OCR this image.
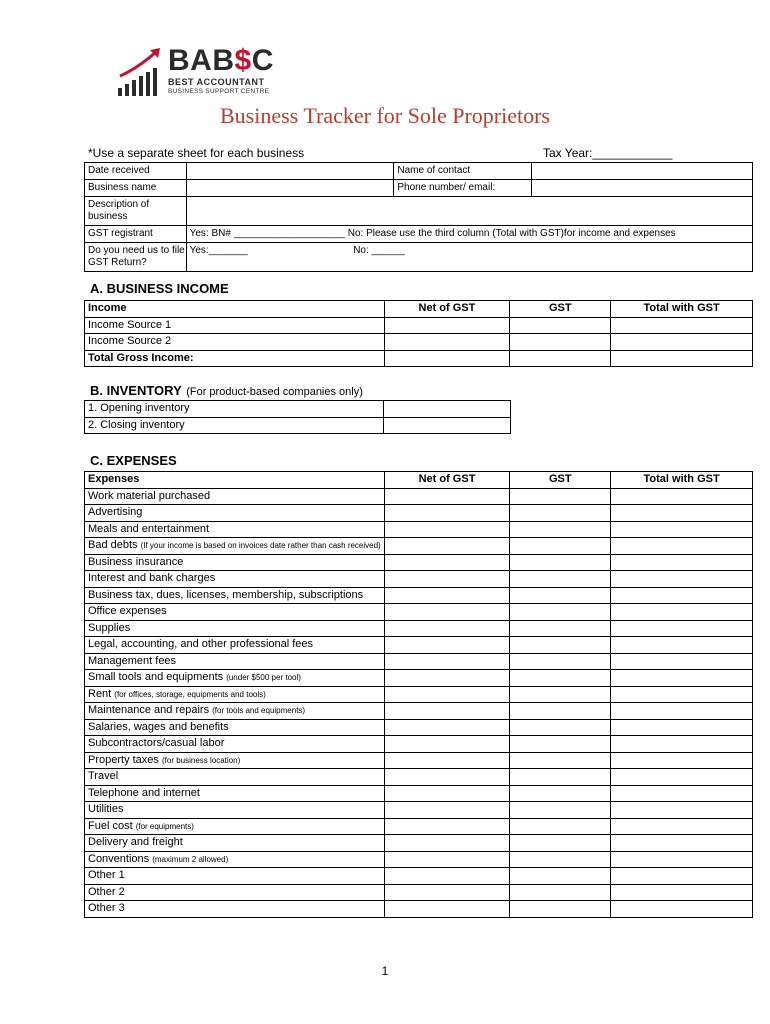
BAB$C
BEST ACCOUNTANT
BUSINESS SUPPORT CENTRE
Business Tracker for Sole Proprietors
*Use a separate sheet for each business	Tax Year:____________
Date received		Name of contact	
Business name		Phone number/ email:	
Description of business			
GST registrant	Yes: BN# ____________________ No: Please use the third column (Total with GST)for income and expenses		
Do you need us to file GST Return?	Yes:_______ No: ______		
A. BUSINESS INCOME
Income	Net of GST	GST	Total with GST
Income Source 1			
Income Source 2			
Total Gross Income:			
B. INVENTORY (For product-based companies only)
1. Opening inventory	
2. Closing inventory	
C. EXPENSES
Expenses	Net of GST	GST	Total with GST
Work material purchased			
Advertising			
Meals and entertainment			
Bad debts (If your income is based on invoices date rather than cash received)			
Business insurance			
Interest and bank charges			
Business tax, dues, licenses, membership, subscriptions			
Office expenses			
Supplies			
Legal, accounting, and other professional fees			
Management fees			
Small tools and equipments (under $500 per tool)			
Rent (for offices, storage, equipments and tools)			
Maintenance and repairs (for tools and equipments)			
Salaries, wages and benefits			
Subcontractors/casual labor			
Property taxes (for business location)			
Travel			
Telephone and internet			
Utilities			
Fuel cost (for equipments)			
Delivery and freight			
Conventions (maximum 2 allowed)			
Other 1			
Other 2			
Other 3			
1
